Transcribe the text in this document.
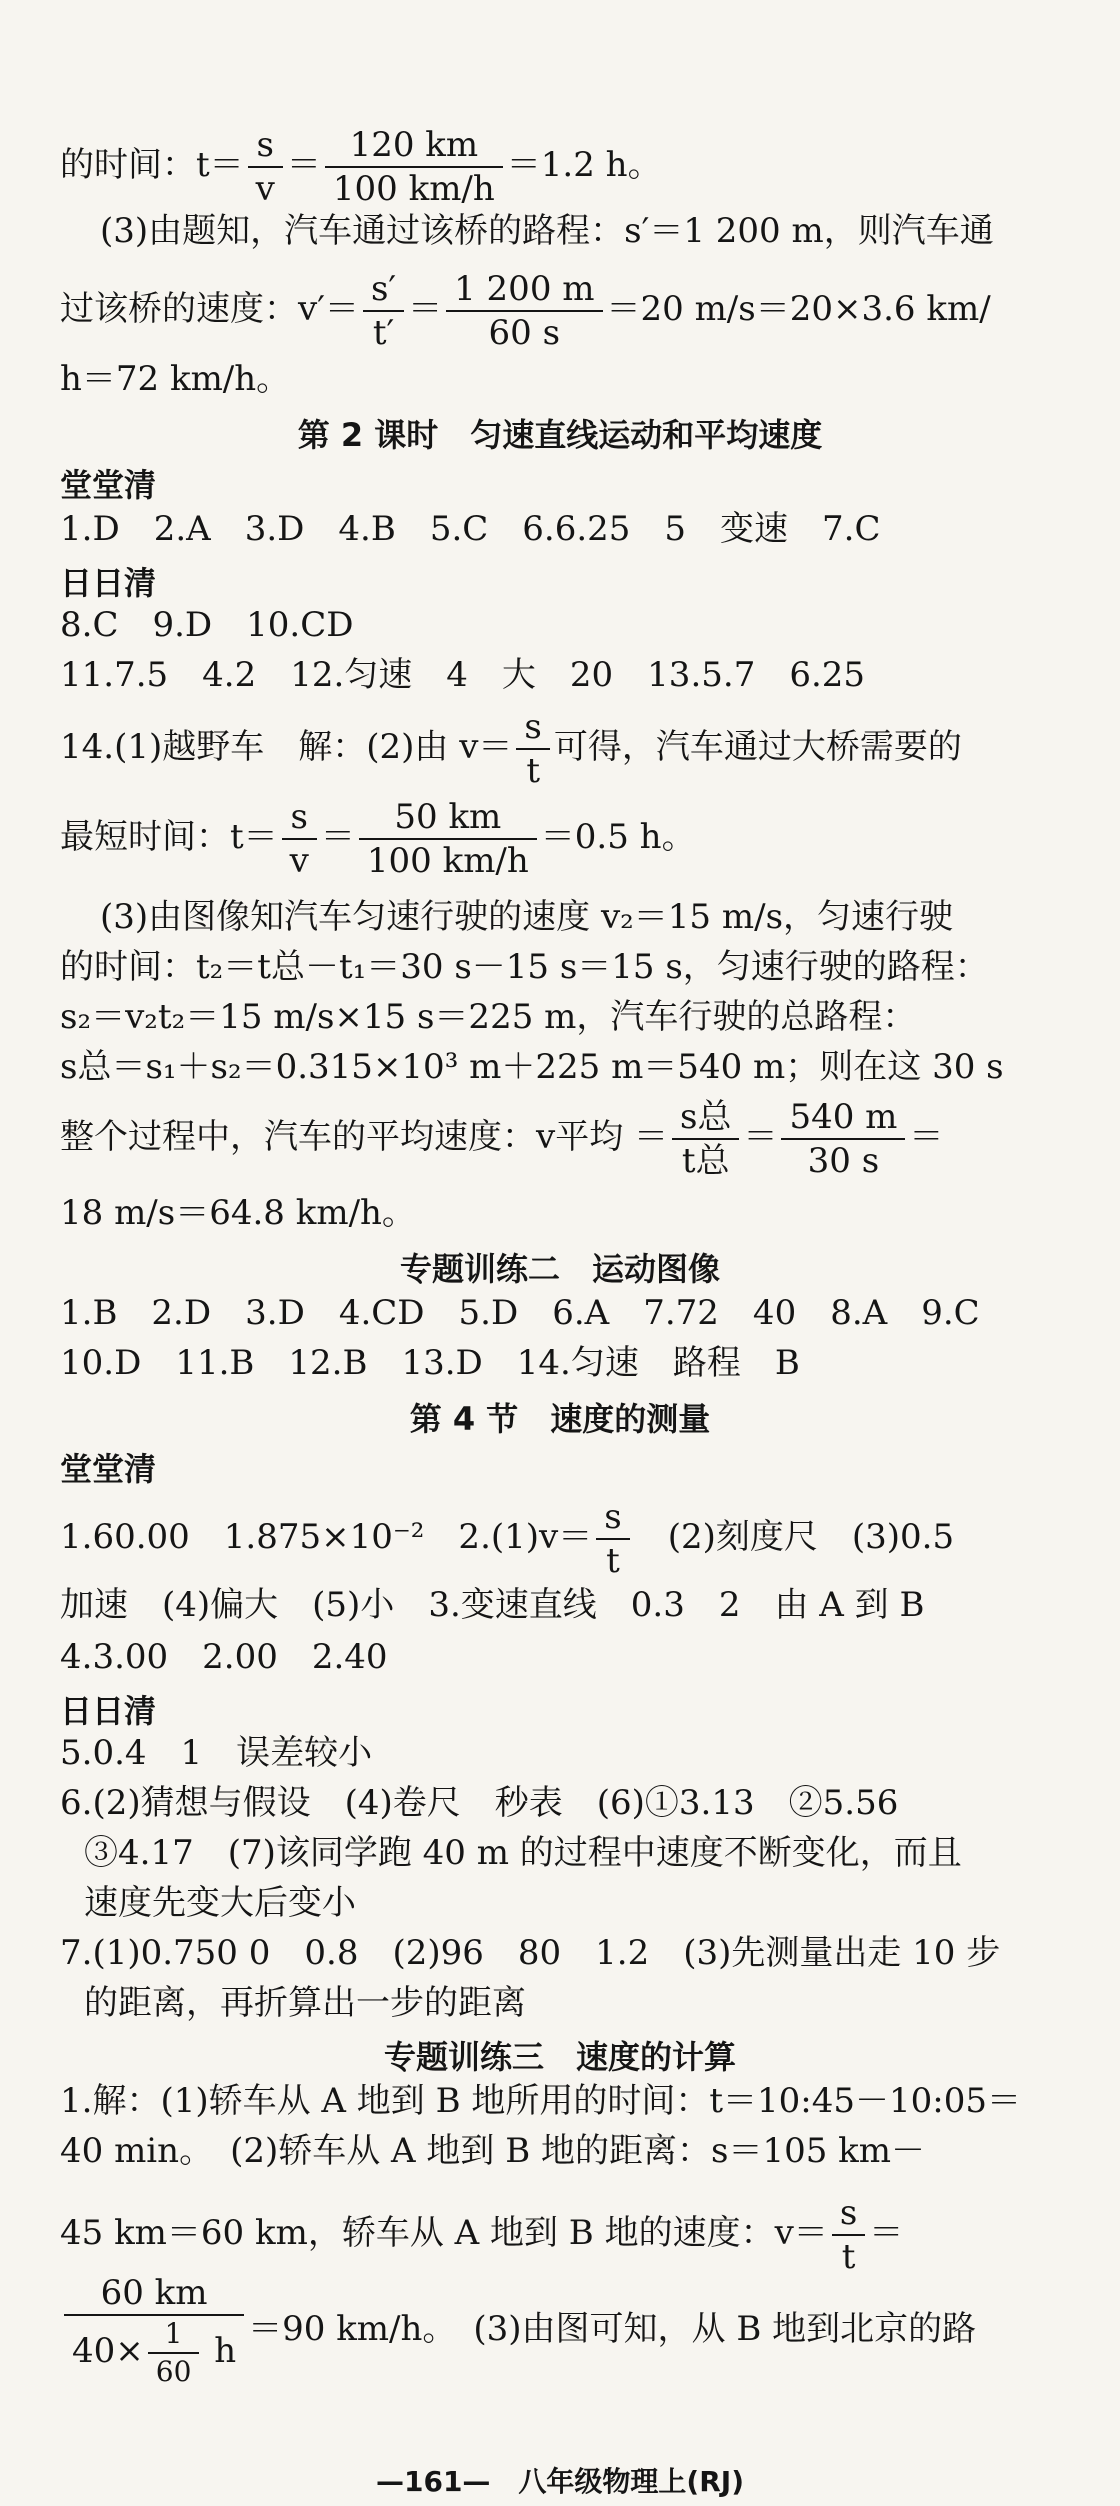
的时间：$t= \frac{s}{v} = \frac{120 km}{100 km/h} =1.2$ h。
(3)由题知，汽车通过该桥的路程：s′＝1 200 m，则汽车通
过该桥的速度：$v'= \frac{s'}{t'} = \frac{1 200 m}{60 s} =20$ m/s＝20×3.6 km/
h＝72 km/h。
第 2 课时　匀速直线运动和平均速度
堂堂清
1.D　2.A　3.D　4.B　5.C　6.6.25　5　变速　7.C
日日清
8.C　9.D　10.CD
11.7.5　4.2　12.匀速　4　大　20　13.5.7　6.25
14.(1)越野车　解：(2)由 $v= \frac{s}{t}$ 可得，汽车通过大桥需要的
最短时间：$t= \frac{s}{v} = \frac{50 km}{100 km/h} =0.5$ h。
(3)由图像知汽车匀速行驶的速度 v₂＝15 m/s，匀速行驶
的时间：t₂＝t总－t₁＝30 s－15 s＝15 s，匀速行驶的路程：
s₂＝v₂t₂＝15 m/s×15 s＝225 m，汽车行驶的总路程：
s总＝s₁＋s₂＝0.315×10³ m＋225 m＝540 m；则在这 30 s
整个过程中，汽车的平均速度：v平均 ＝ $\frac{\text{s总}}{\text{t总}} = \frac{540 m}{30 s}$ ＝
18 m/s＝64.8 km/h。
专题训练二　运动图像
1.B　2.D　3.D　4.CD　5.D　6.A　7.72　40　8.A　9.C
10.D　11.B　12.B　13.D　14.匀速　路程　B
第 4 节　速度的测量
堂堂清
1.60.00　1.875×10⁻²　$2.(1)v= \frac{s}{t}$ 　(2)刻度尺　(3)0.5
加速　(4)偏大　(5)小　3.变速直线　0.3　2　由 A 到 B
4.3.00　2.00　2.40
日日清
5.0.4　1　误差较小
6.(2)猜想与假设　(4)卷尺　秒表　(6)①3.13　②5.56
③4.17　(7)该同学跑 40 m 的过程中速度不断变化，而且
速度先变大后变小
7.(1)0.750 0　0.8　(2)96　80　1.2　(3)先测量出走 10 步
的距离，再折算出一步的距离
专题训练三　速度的计算
1.解：(1)轿车从 A 地到 B 地所用的时间：t＝10:45－10:05＝
40 min。　(2)轿车从 A 地到 B 地的距离：s＝105 km－
45 km＝60 km，轿车从 A 地到 B 地的速度：$v= \frac{s}{t}$ ＝
$\frac{60 km}{40\times \frac{1}{60} h} =90$ km/h。　(3)由图可知，从 B 地到北京的路
—161—　八年级物理上(RJ)
